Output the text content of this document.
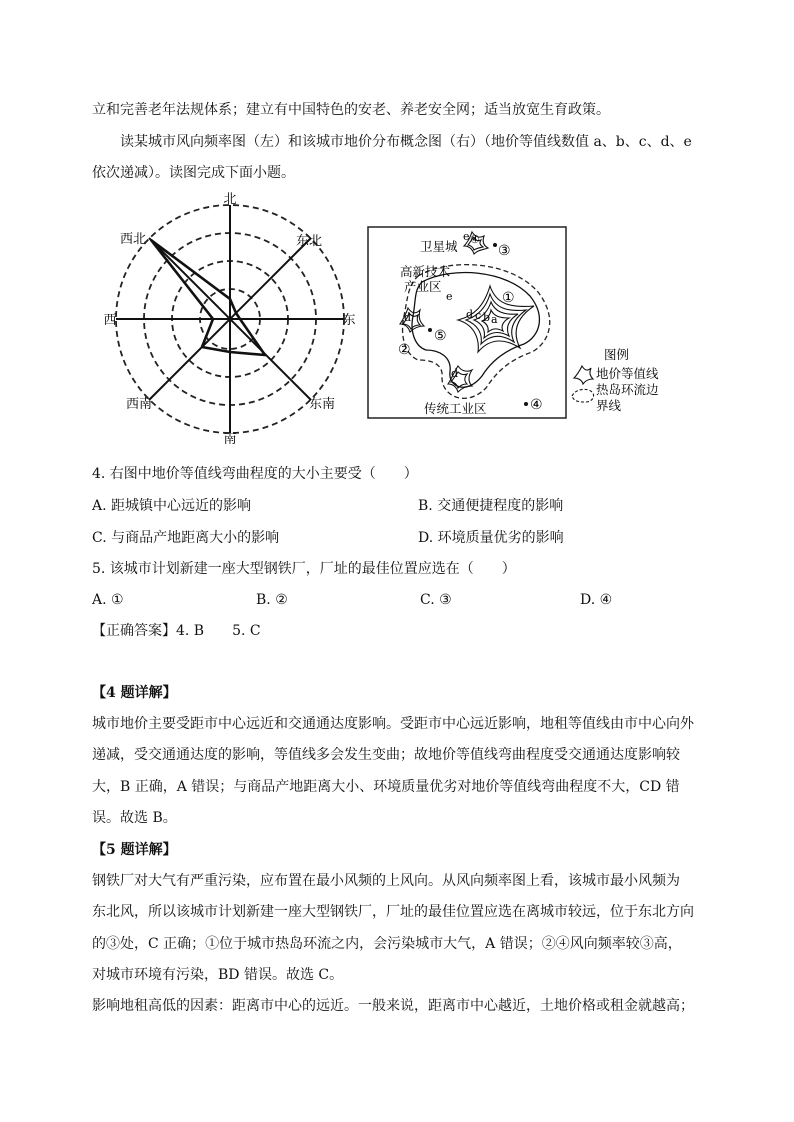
立和完善老年法规体系；建立有中国特色的安老、养老安全网；适当放宽生育政策。
读某城市风向频率图（左）和该城市地价分布概念图（右）（地价等值线数值 a、b、c、d、e
依次递减）。读图完成下面小题。
北
东北
东
东南
南
西南
西
西北	卫星城
e ④
③
高新技术
产业区
e
d
①
⑤
②
d c b a
d
传统工业区	④
图例
地价等值线
热岛环流边
界线
4. 右图中地价等值线弯曲程度的大小主要受（　　）
A. 距城镇中心远近的影响	B. 交通便捷程度的影响
C. 与商品产地距离大小的影响	D. 环境质量优劣的影响
5. 该城市计划新建一座大型钢铁厂，厂址的最佳位置应选在（　　）
A. ①	B. ②	C. ③	D. ④
【正确答案】4. B　　5. C
【4 题详解】
城市地价主要受距市中心远近和交通通达度影响。受距市中心远近影响，地租等值线由市中心向外
递减，受交通通达度的影响，等值线多会发生变曲；故地价等值线弯曲程度受交通通达度影响较
大，B 正确，A 错误；与商品产地距离大小、环境质量优劣对地价等值线弯曲程度不大，CD 错
误。故选 B。
【5 题详解】
钢铁厂对大气有严重污染，应布置在最小风频的上风向。从风向频率图上看，该城市最小风频为
东北风，所以该城市计划新建一座大型钢铁厂，厂址的最佳位置应选在离城市较远，位于东北方向
的③处，C 正确；①位于城市热岛环流之内，会污染城市大气，A 错误；②④风向频率较③高，
对城市环境有污染，BD 错误。故选 C。
影响地租高低的因素：距离市中心的远近。一般来说，距离市中心越近，土地价格或租金就越高；
